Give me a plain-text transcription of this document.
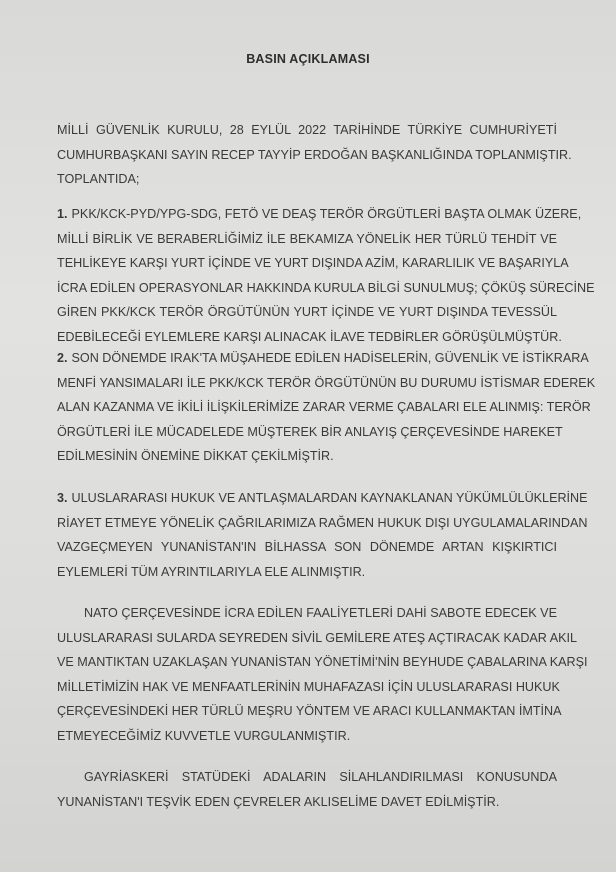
BASIN AÇIKLAMASI
MİLLİ GÜVENLİK KURULU, 28 EYLÜL 2022 TARİHİNDE TÜRKİYE CUMHURİYETİ
CUMHURBAŞKANI SAYIN RECEP TAYYİP ERDOĞAN BAŞKANLIĞINDA TOPLANMIŞTIR.
TOPLANTIDA;
1. PKK/KCK-PYD/YPG-SDG, FETÖ VE DEAŞ TERÖR ÖRGÜTLERİ BAŞTA OLMAK ÜZERE,
MİLLİ BİRLİK VE BERABERLİĞİMİZ İLE BEKAMIZA YÖNELİK HER TÜRLÜ TEHDİT VE
TEHLİKEYE KARŞI YURT İÇİNDE VE YURT DIŞINDA AZİM, KARARLILIK VE BAŞARIYLA
İCRA EDİLEN OPERASYONLAR HAKKINDA KURULA BİLGİ SUNULMUŞ; ÇÖKÜŞ SÜRECİNE
GİREN PKK/KCK TERÖR ÖRGÜTÜNÜN YURT İÇİNDE VE YURT DIŞINDA TEVESSÜL
EDEBİLECEĞİ EYLEMLERE KARŞI ALINACAK İLAVE TEDBİRLER GÖRÜŞÜLMÜŞTÜR.
2. SON DÖNEMDE IRAK'TA MÜŞAHEDE EDİLEN HADİSELERİN, GÜVENLİK VE İSTİKRARA
MENFİ YANSIMALARI İLE PKK/KCK TERÖR ÖRGÜTÜNÜN BU DURUMU İSTİSMAR EDEREK
ALAN KAZANMA VE İKİLİ İLİŞKİLERİMİZE ZARAR VERME ÇABALARI ELE ALINMIŞ: TERÖR
ÖRGÜTLERİ İLE MÜCADELEDE MÜŞTEREK BİR ANLAYIŞ ÇERÇEVESİNDE HAREKET
EDİLMESİNİN ÖNEMİNE DİKKAT ÇEKİLMİŞTİR.
3. ULUSLARARASI HUKUK VE ANTLAŞMALARDAN KAYNAKLANAN YÜKÜMLÜLÜKLERİNE
RİAYET ETMEYE YÖNELİK ÇAĞRILARIMIZA RAĞMEN HUKUK DIŞI UYGULAMALARINDAN
VAZGEÇMEYEN YUNANİSTAN'IN BİLHASSA SON DÖNEMDE ARTAN KIŞKIRTICI
EYLEMLERİ TÜM AYRINTILARIYLA ELE ALINMIŞTIR.
NATO ÇERÇEVESİNDE İCRA EDİLEN FAALİYETLERİ DAHİ SABOTE EDECEK VE
ULUSLARARASI SULARDA SEYREDEN SİVİL GEMİLERE ATEŞ AÇTIRACAK KADAR AKIL
VE MANTIKTAN UZAKLAŞAN YUNANİSTAN YÖNETİMİ'NİN BEYHUDE ÇABALARINA KARŞI
MİLLETİMİZİN HAK VE MENFAATLERİNİN MUHAFAZASI İÇİN ULUSLARARASI HUKUK
ÇERÇEVESİNDEKİ HER TÜRLÜ MEŞRU YÖNTEM VE ARACI KULLANMAKTAN İMTİNA
ETMEYECEĞİMİZ KUVVETLE VURGULANMIŞTIR.
GAYRİASKERİ STATÜDEKİ ADALARIN SİLAHLANDIRILMASI KONUSUNDA
YUNANİSTAN'I TEŞVİK EDEN ÇEVRELER AKLISELİME DAVET EDİLMİŞTİR.
